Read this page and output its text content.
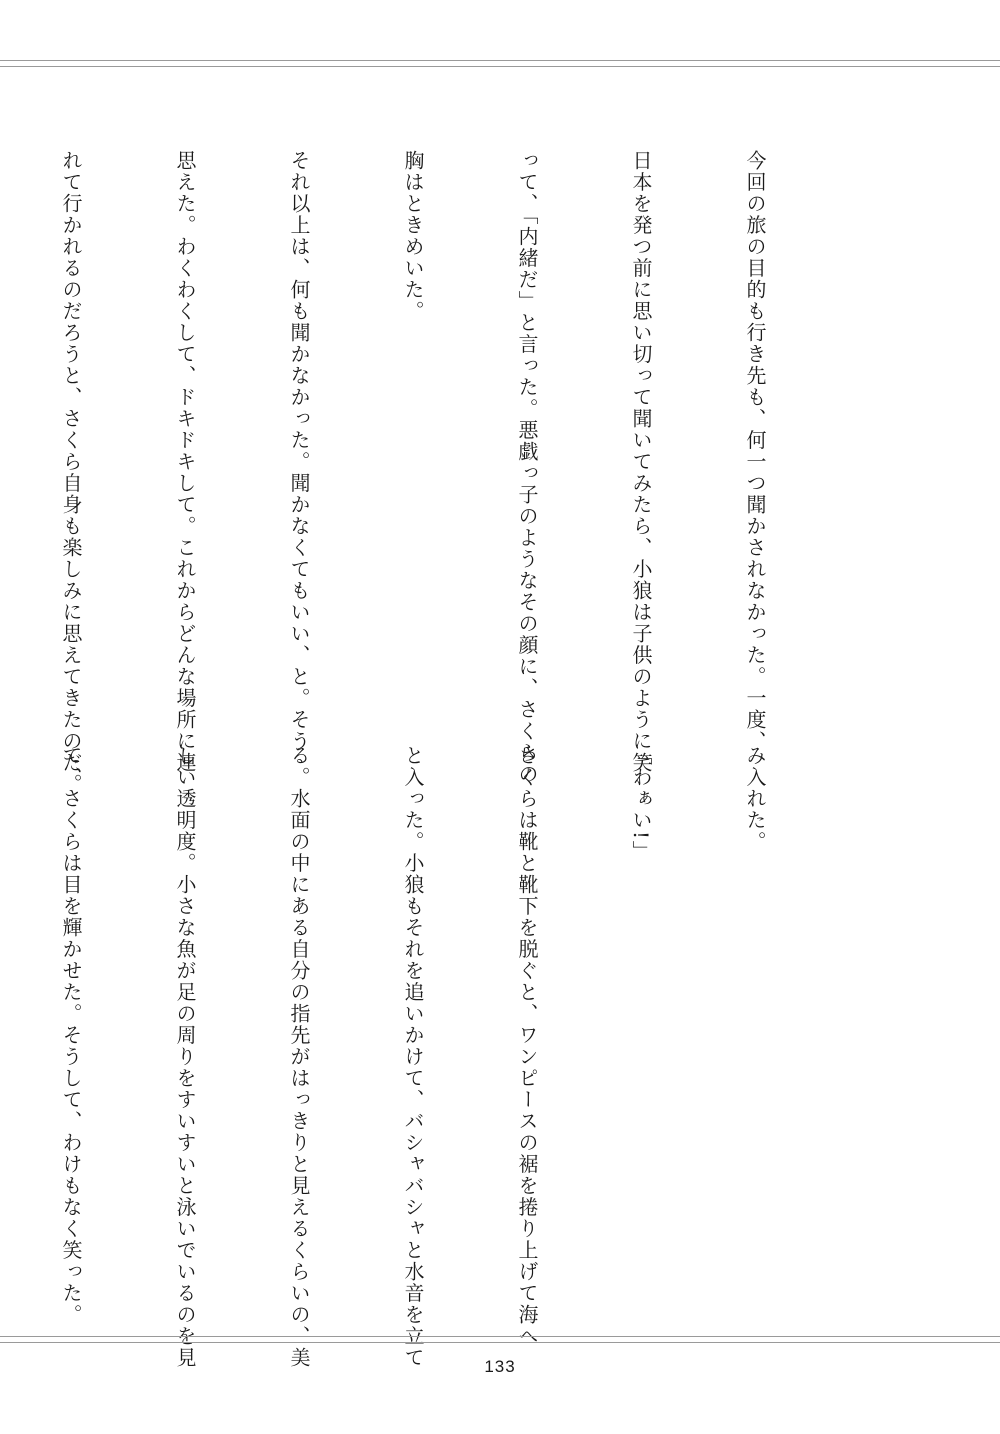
今回の旅の目的も行き先も、何一つ聞かされなかった。一度、

日本を発つ前に思い切って聞いてみたら、小狼は子供のように笑

って、「内緒だ」と言った。悪戯っ子のようなその顔に、さくらの

胸はときめいた。

それ以上は、何も聞かなかった。聞かなくてもいい、と。そう

思えた。わくわくして、ドキドキして。これからどんな場所に連

れて行かれるのだろうと、さくら自身も楽しみに思えてきたのだ。

み入れた。

「わぁい!」

さくらは靴と靴下を脱ぐと、ワンピースの裾を捲り上げて海へ

と入った。小狼もそれを追いかけて、バシャバシャと水音を立て

る。水面の中にある自分の指先がはっきりと見えるくらいの、美

しい透明度。小さな魚が足の周りをすいすいと泳いでいるのを見

て、さくらは目を輝かせた。そうして、わけもなく笑った。

133
